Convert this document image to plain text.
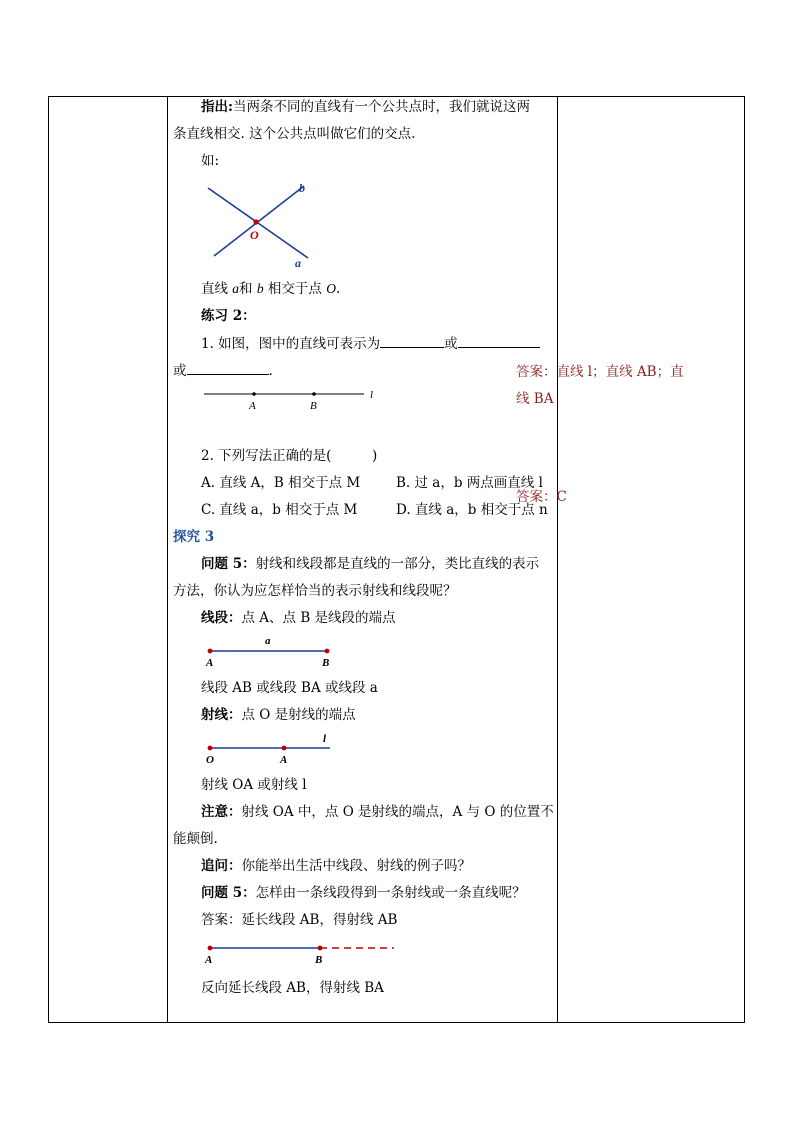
指出:当两条不同的直线有一个公共点时，我们就说这两
条直线相交. 这个公共点叫做它们的交点.
如:
b
O
a
直线 a和 b 相交于点 O.
练习 2：
1. 如图，图中的直线可表示为	或
或	.
A	B
l
2. 下列写法正确的是(　　　)
A. 直线 A，B 相交于点 M	B. 过 a，b 两点画直线 l
C. 直线 a，b 相交于点 M	D. 直线 a，b 相交于点 n
探究 3
问题 5：射线和线段都是直线的一部分，类比直线的表示
方法，你认为应怎样恰当的表示射线和线段呢？
线段：点 A、点 B 是线段的端点
a
A	B
线段 AB 或线段 BA 或线段 a
射线：点 O 是射线的端点
l
O	A
射线 OA 或射线 l
注意：射线 OA 中，点 O 是射线的端点，A 与 O 的位置不
能颠倒.
追问：你能举出生活中线段、射线的例子吗？
问题 5：怎样由一条线段得到一条射线或一条直线呢？
答案：延长线段 AB，得射线 AB
A	B
反向延长线段 AB，得射线 BA
答案：直线 l；直线 AB；直
线 BA
答案：C
